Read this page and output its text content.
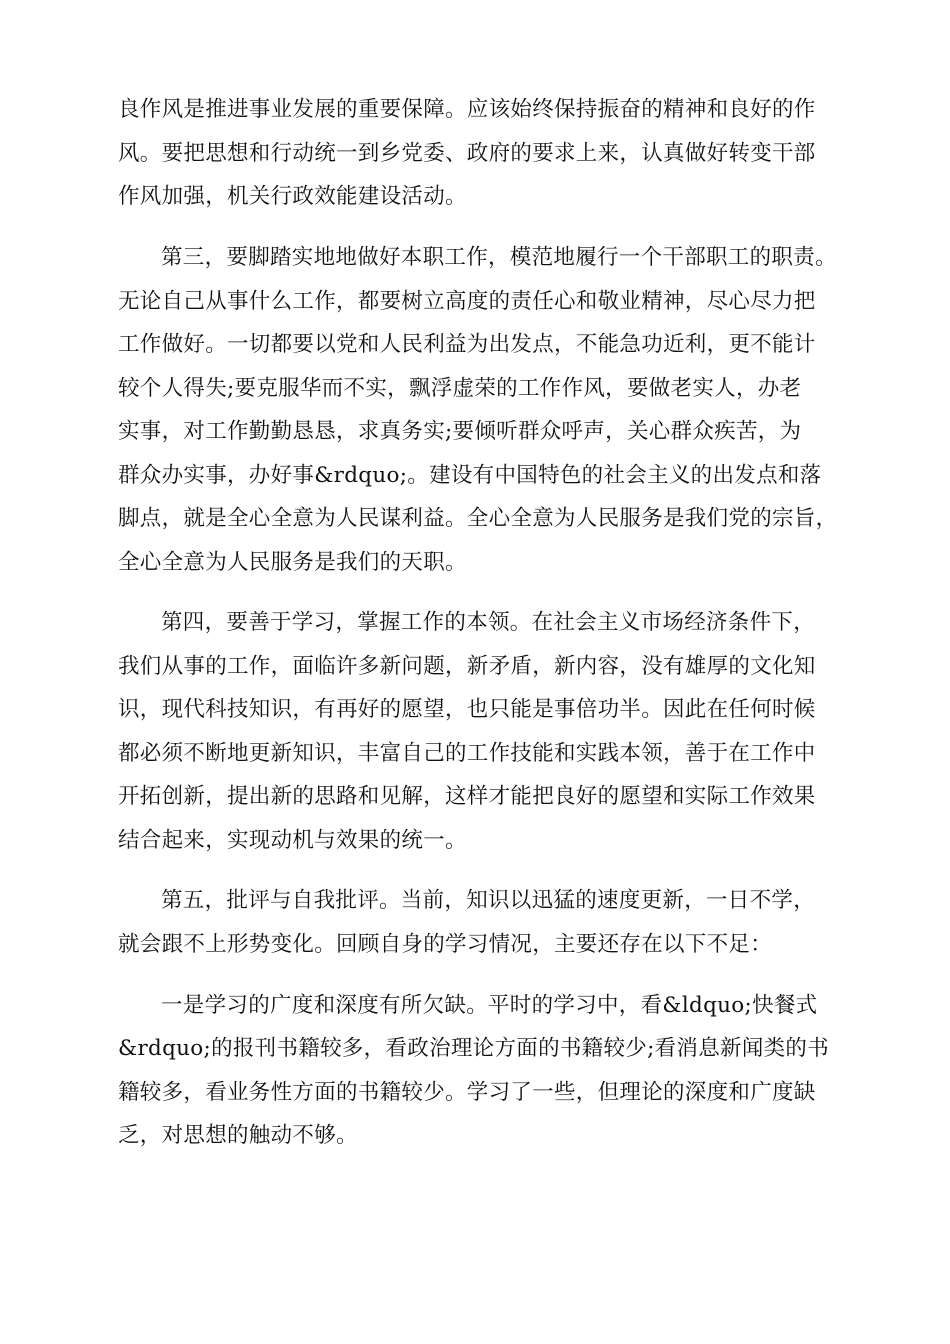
良作风是推进事业发展的重要保障。应该始终保持振奋的精神和良好的作
风。要把思想和行动统一到乡党委、政府的要求上来，认真做好转变干部
作风加强，机关行政效能建设活动。
第三，要脚踏实地地做好本职工作，模范地履行一个干部职工的职责。
无论自己从事什么工作，都要树立高度的责任心和敬业精神，尽心尽力把
工作做好。一切都要以党和人民利益为出发点，不能急功近利，更不能计
较个人得失;要克服华而不实，飘浮虚荣的工作作风，要做老实人，办老
实事，对工作勤勤恳恳，求真务实;要倾听群众呼声，关心群众疾苦，为
群众办实事，办好事&rdquo;。建设有中国特色的社会主义的出发点和落
脚点，就是全心全意为人民谋利益。全心全意为人民服务是我们党的宗旨，
全心全意为人民服务是我们的天职。
第四，要善于学习，掌握工作的本领。在社会主义市场经济条件下，
我们从事的工作，面临许多新问题，新矛盾，新内容，没有雄厚的文化知
识，现代科技知识，有再好的愿望，也只能是事倍功半。因此在任何时候
都必须不断地更新知识，丰富自己的工作技能和实践本领，善于在工作中
开拓创新，提出新的思路和见解，这样才能把良好的愿望和实际工作效果
结合起来，实现动机与效果的统一。
第五，批评与自我批评。当前，知识以迅猛的速度更新，一日不学，
就会跟不上形势变化。回顾自身的学习情况，主要还存在以下不足：
一是学习的广度和深度有所欠缺。平时的学习中，看&ldquo;快餐式
&rdquo;的报刊书籍较多，看政治理论方面的书籍较少;看消息新闻类的书
籍较多，看业务性方面的书籍较少。学习了一些，但理论的深度和广度缺
乏，对思想的触动不够。
